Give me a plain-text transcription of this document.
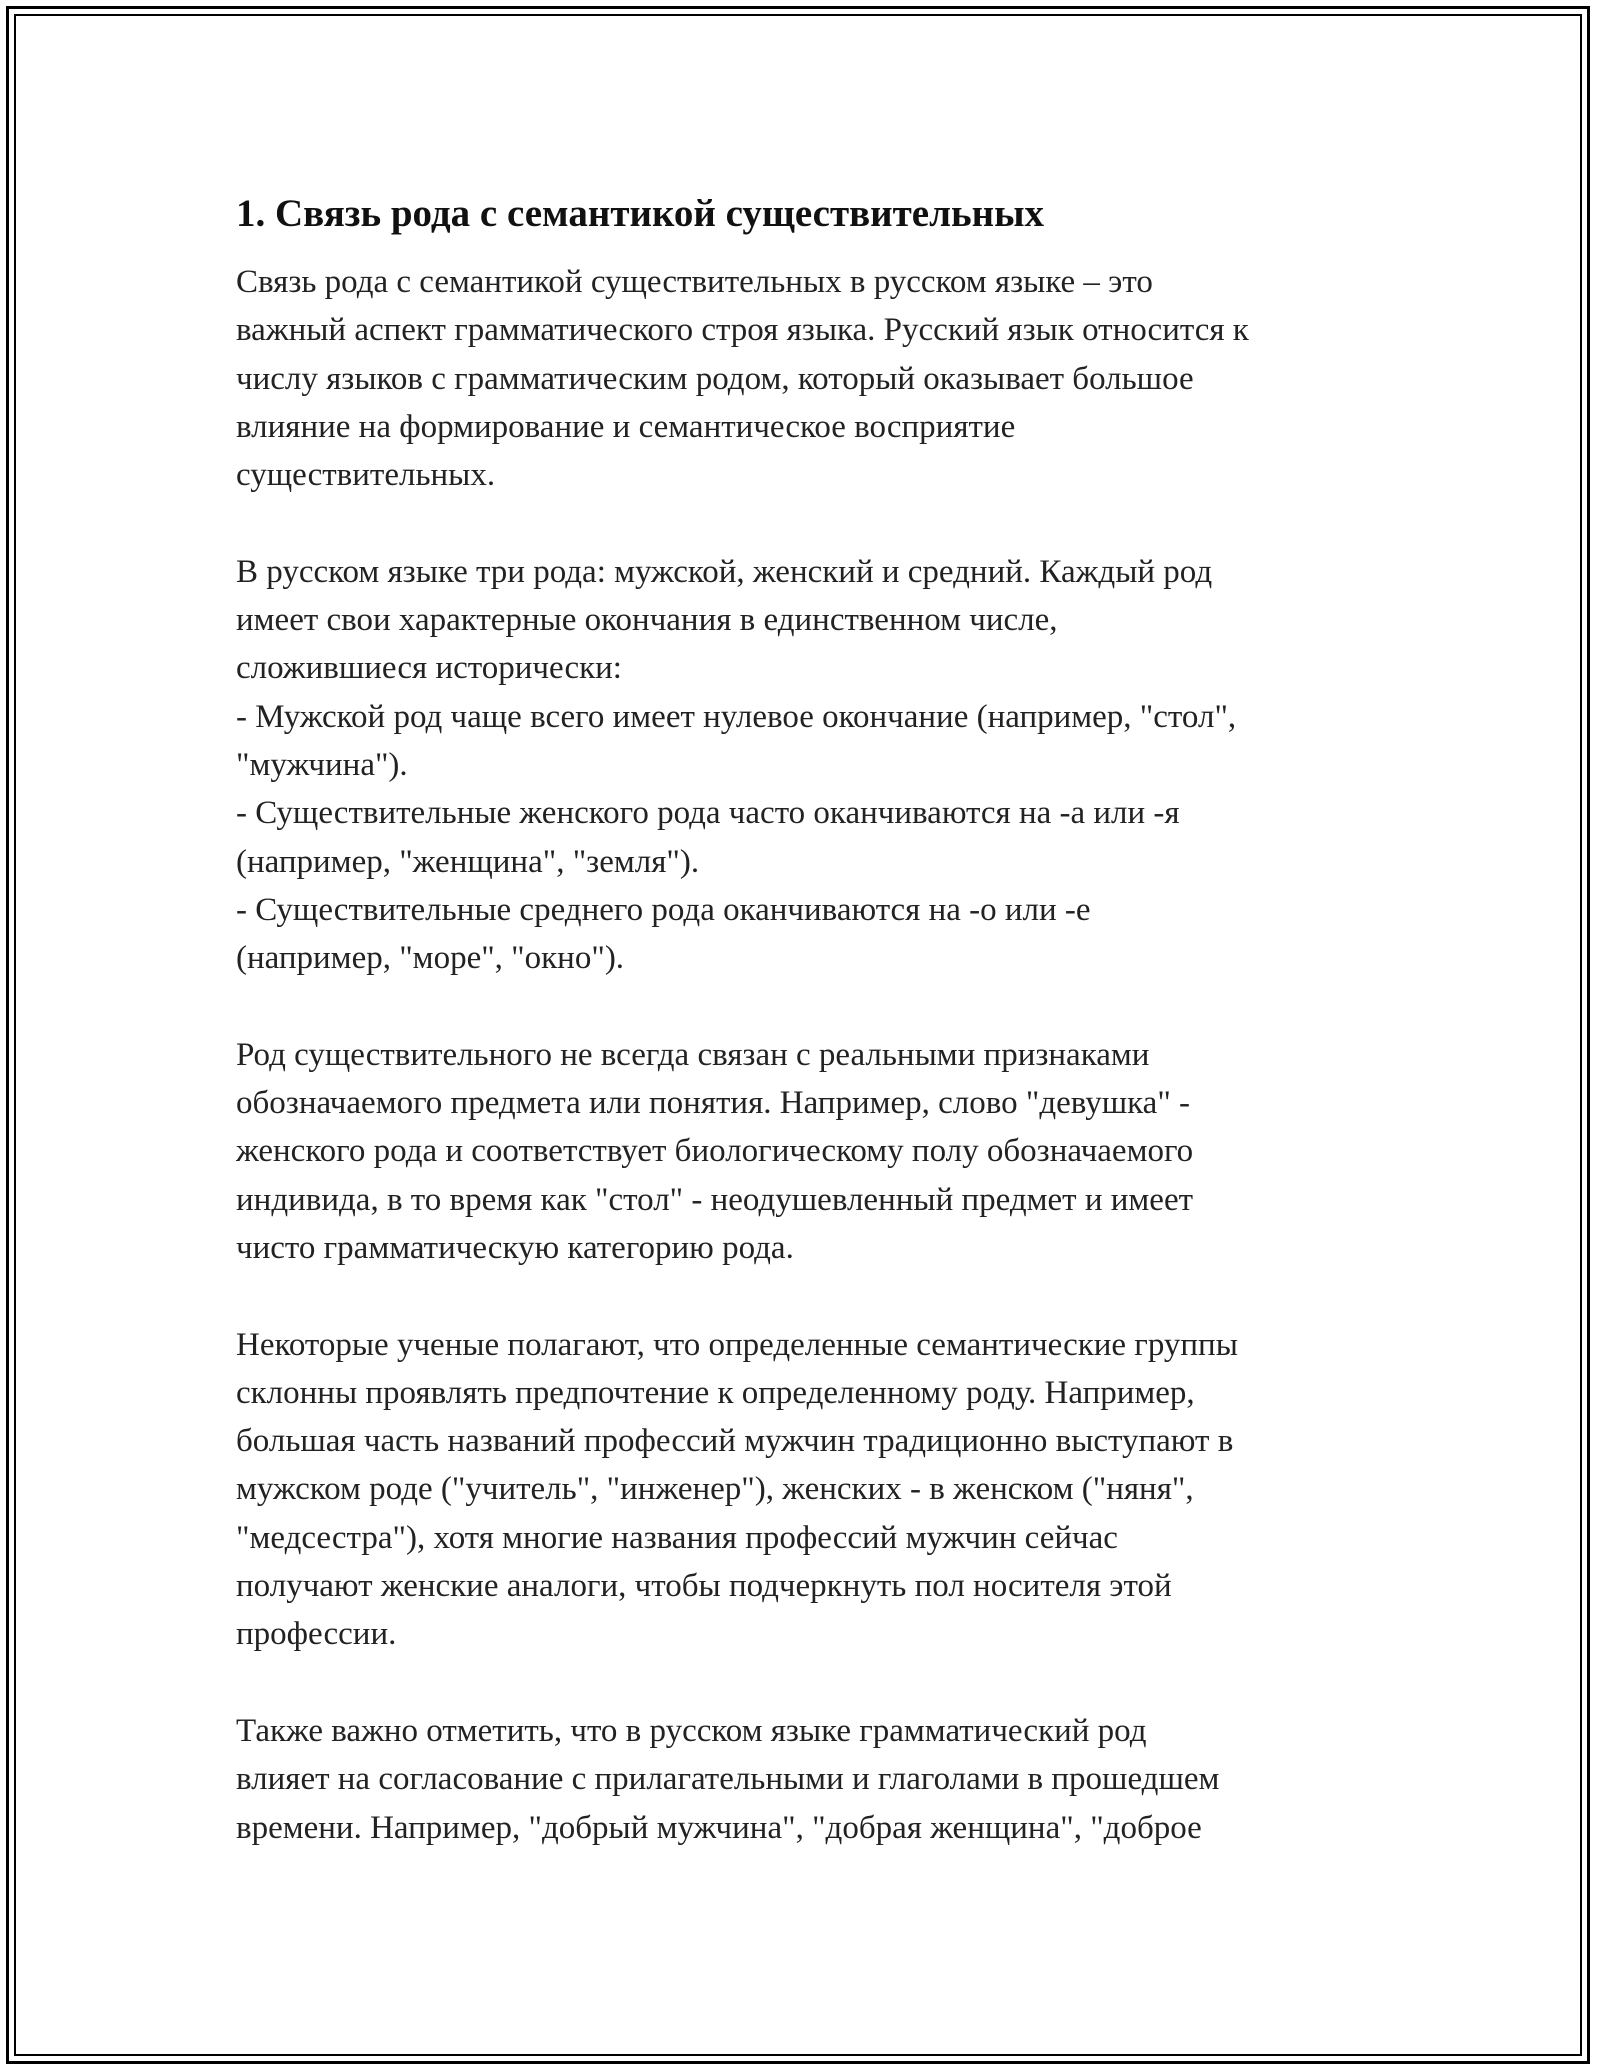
1. Связь рода с семантикой существительных

Связь рода с семантикой существительных в русском языке – это
важный аспект грамматического строя языка. Русский язык относится к
числу языков с грамматическим родом, который оказывает большое
влияние на формирование и семантическое восприятие
существительных.

В русском языке три рода: мужской, женский и средний. Каждый род
имеет свои характерные окончания в единственном числе,
сложившиеся исторически:
- Мужской род чаще всего имеет нулевое окончание (например, "стол",
"мужчина").
- Существительные женского рода часто оканчиваются на -а или -я
(например, "женщина", "земля").
- Существительные среднего рода оканчиваются на -о или -е
(например, "море", "окно").

Род существительного не всегда связан с реальными признаками
обозначаемого предмета или понятия. Например, слово "девушка" -
женского рода и соответствует биологическому полу обозначаемого
индивида, в то время как "стол" - неодушевленный предмет и имеет
чисто грамматическую категорию рода.

Некоторые ученые полагают, что определенные семантические группы
склонны проявлять предпочтение к определенному роду. Например,
большая часть названий профессий мужчин традиционно выступают в
мужском роде ("учитель", "инженер"), женских - в женском ("няня",
"медсестра"), хотя многие названия профессий мужчин сейчас
получают женские аналоги, чтобы подчеркнуть пол носителя этой
профессии.

Также важно отметить, что в русском языке грамматический род
влияет на согласование с прилагательными и глаголами в прошедшем
времени. Например, "добрый мужчина", "добрая женщина", "доброе
